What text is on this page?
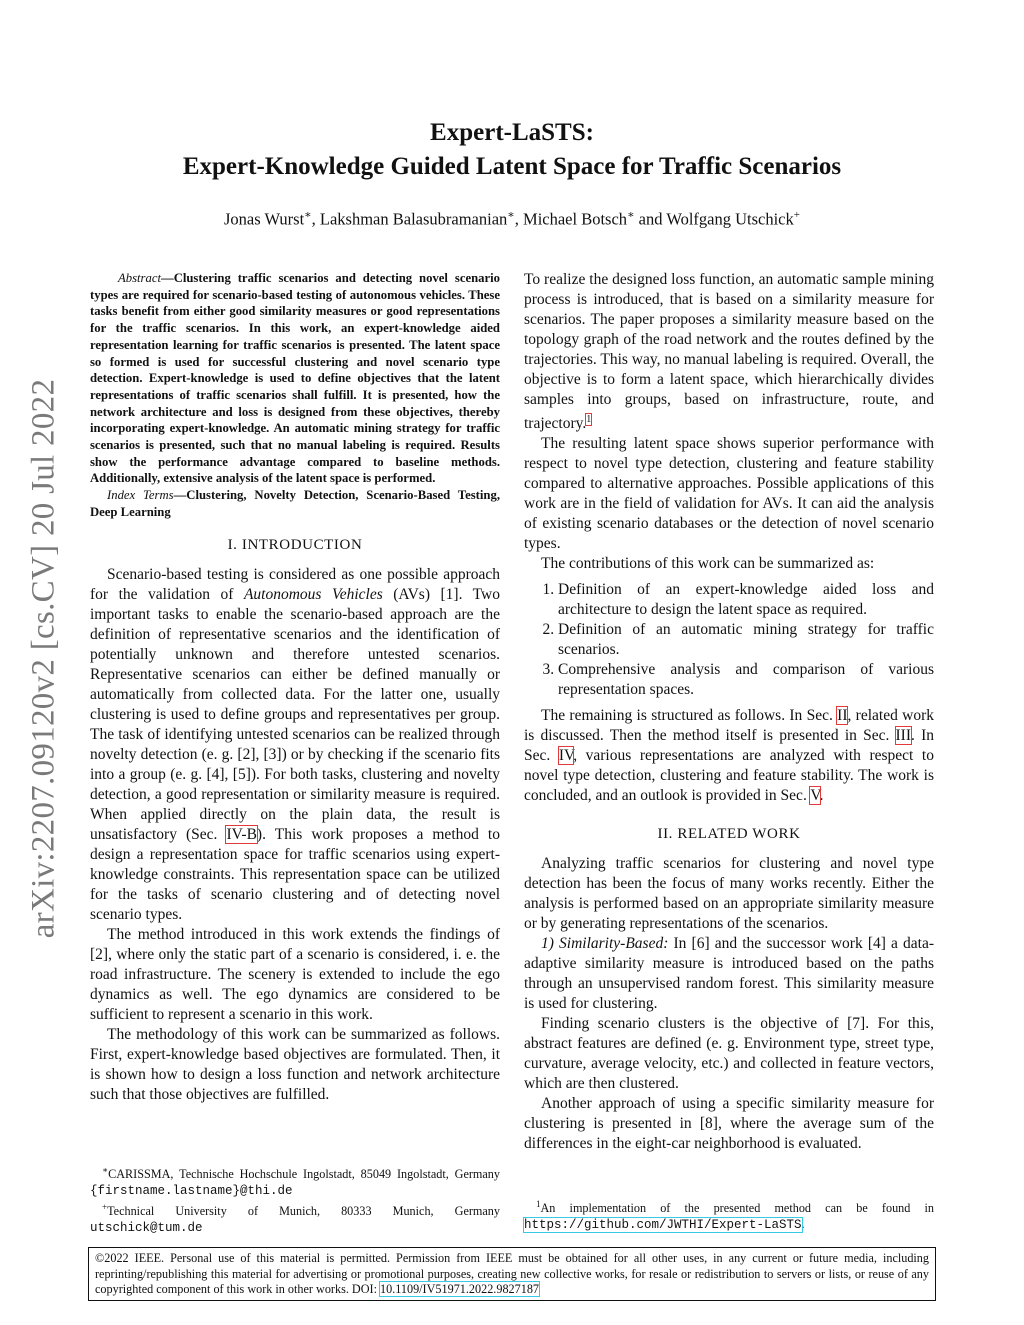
arXiv:2207.09120v2 [cs.CV] 20 Jul 2022
Expert-LaSTS:
Expert-Knowledge Guided Latent Space for Traffic Scenarios
Jonas Wurst∗, Lakshman Balasubramanian∗, Michael Botsch∗ and Wolfgang Utschick+

Abstract—Clustering traffic scenarios and detecting novel scenario types are required for scenario-based testing of autonomous vehicles. These tasks benefit from either good similarity measures or good representations for the traffic scenarios. In this work, an expert-knowledge aided representation learning for traffic scenarios is presented. The latent space so formed is used for successful clustering and novel scenario type detection. Expert-knowledge is used to define objectives that the latent representations of traffic scenarios shall fulfill. It is presented, how the network architecture and loss is designed from these objectives, thereby incorporating expert-knowledge. An automatic mining strategy for traffic scenarios is presented, such that no manual labeling is required. Results show the performance advantage compared to baseline methods. Additionally, extensive analysis of the latent space is performed.

Index Terms—Clustering, Novelty Detection, Scenario-Based Testing, Deep Learning

I. INTRODUCTION

Scenario-based testing is considered as one possible approach for the validation of Autonomous Vehicles (AVs) [1]. Two important tasks to enable the scenario-based approach are the definition of representative scenarios and the identification of potentially unknown and therefore untested scenarios. Representative scenarios can either be defined manually or automatically from collected data. For the latter one, usually clustering is used to define groups and representatives per group. The task of identifying untested scenarios can be realized through novelty detection (e. g. [2], [3]) or by checking if the scenario fits into a group (e. g. [4], [5]). For both tasks, clustering and novelty detection, a good representation or similarity measure is required. When applied directly on the plain data, the result is unsatisfactory (Sec. IV-B). This work proposes a method to design a representation space for traffic scenarios using expert-knowledge constraints. This representation space can be utilized for the tasks of scenario clustering and of detecting novel scenario types.

The method introduced in this work extends the findings of [2], where only the static part of a scenario is considered, i. e. the road infrastructure. The scenery is extended to include the ego dynamics as well. The ego dynamics are considered to be sufficient to represent a scenario in this work.

The methodology of this work can be summarized as follows. First, expert-knowledge based objectives are formulated. Then, it is shown how to design a loss function and network architecture such that those objectives are fulfilled.

To realize the designed loss function, an automatic sample mining process is introduced, that is based on a similarity measure for scenarios. The paper proposes a similarity measure based on the topology graph of the road network and the routes defined by the trajectories. This way, no manual labeling is required. Overall, the objective is to form a latent space, which hierarchically divides samples into groups, based on infrastructure, route, and trajectory.$^1$

The resulting latent space shows superior performance with respect to novel type detection, clustering and feature stability compared to alternative approaches. Possible applications of this work are in the field of validation for AVs. It can aid the analysis of existing scenario databases or the detection of novel scenario types.

The contributions of this work can be summarized as:

1. Definition of an expert-knowledge aided loss and architecture to design the latent space as required.
2. Definition of an automatic mining strategy for traffic scenarios.
3. Comprehensive analysis and comparison of various representation spaces.

The remaining is structured as follows. In Sec. II, related work is discussed. Then the method itself is presented in Sec. III. In Sec. IV, various representations are analyzed with respect to novel type detection, clustering and feature stability. The work is concluded, and an outlook is provided in Sec. V.

II. RELATED WORK

Analyzing traffic scenarios for clustering and novel type detection has been the focus of many works recently. Either the analysis is performed based on an appropriate similarity measure or by generating representations of the scenarios.

1) Similarity-Based: In [6] and the successor work [4] a data-adaptive similarity measure is introduced based on the paths through an unsupervised random forest. This similarity measure is used for clustering.

Finding scenario clusters is the objective of [7]. For this, abstract features are defined (e. g. Environment type, street type, curvature, average velocity, etc.) and collected in feature vectors, which are then clustered.

Another approach of using a specific similarity measure for clustering is presented in [8], where the average sum of the differences in the eight-car neighborhood is evaluated.

∗CARISSMA, Technische Hochschule Ingolstadt, 85049 Ingolstadt, Germany {firstname.lastname}@thi.de
+Technical University of Munich, 80333 Munich, Germany utschick@tum.de
$^1$An implementation of the presented method can be found in https://github.com/JWTHI/Expert-LaSTS.
©2022 IEEE. Personal use of this material is permitted. Permission from IEEE must be obtained for all other uses, in any current or future media, including reprinting/republishing this material for advertising or promotional purposes, creating new collective works, for resale or redistribution to servers or lists, or reuse of any copyrighted component of this work in other works. DOI: 10.1109/IV51971.2022.9827187
